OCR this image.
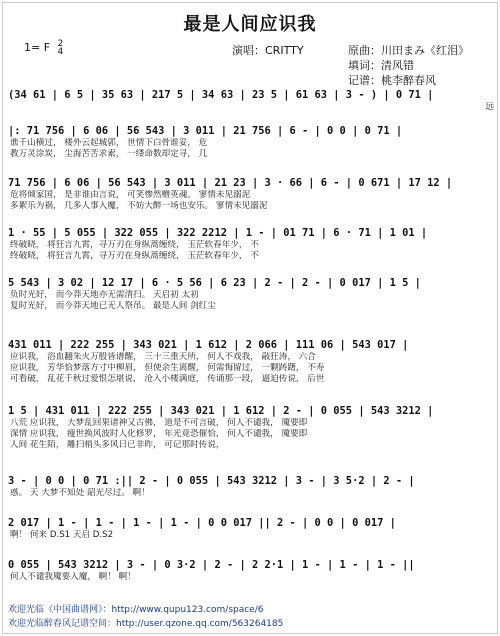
最是人间应识我
1= F 2
4	演唱：CRITTY	原曲：川田まみ《红泪》
填词：清风错
记谱：桃李醉春风
(34 61 | 6 5 | 35 63 | 217 5 | 34 63 | 23 5 | 61 63 | 3 - ) | 0 71 |
远
|: 71 756 | 6 06 | 56 543 | 3 011 | 21 756 | 6 - | 0 0 | 0 71 |
谯千山横过， 楼外云起城郭， 世情下白骨谁妥， 危
教万灵涂炭， 尘海苦苦求索， 一缕命数却定寻， 几
71 756 | 6 06 | 56 543 | 3 011 | 21 23 | 3 · 66 | 6 - | 0 671 | 17 12 |
危将倾家国， 是非谁由言说， 可笑惨然赠英魂。 寥情未见溺泥
多絮乐为祸， 几多人事入魔， 不妨大醉一场也安乐。 寥情未见溺泥
1 · 55 | 5 055 | 322 055 | 322 2212 | 1 - | 01 71 | 6 · 71 | 1 01 |
终破晓， 将狂言九霄，寻万刃在身纵蒿缠绕， 玉茫软春年少， 不
终破晓， 将狂言九霄，寻万刃在身纵蒿缠绕， 玉茫软春年少， 不
5 543 | 3 02 | 12 17 | 6 · 5 56 | 6 23 | 2 - | 2 - | 0 017 | 1 5 |
负时光好， 而今莽天地亦无需清扫。 天启初 太初
复时光好， 而今莽天地已无人祭吊。 最是人间 剑红尘
431 011 | 222 255 | 343 021 | 1 612 | 2 066 | 111 06 | 543 017 |
应识我， 浴血翻朱火万般皆谱醒， 三十三重天所， 何人不戏我， 敲狂涛， 六合
应识我， 芳华恰梦落方寸中柳眉， 但使余生离醒， 何需悔留过， 一颗踌躇， 不寿
可看破， 乱花千秋过爱恨怎堪说， 沧入小楼满庭， 传诵那一段， 逼迫传说， 后世
1 5 | 431 011 | 222 255 | 343 021 | 1 612 | 2 - | 0 055 | 543 3212 |
八荒 应识我， 大梦乱回果诸神又古佛， 道是不可言破， 何人不谴我， 魇要即
深情 应识我， 瘦世换风波时人化修罗， 年光竟恐催恰， 何人不谴我， 魇要即
人间 花生陌， 雕扫梢头多风日已非昨， 可记那时传说，
3 - | 0 0 | 0 71 :|| 2 - | 0 055 | 543 3212 | 3 - | 3 5·2 | 2 - |
惑。 天 大梦不知处 韶光尽过。 啊！
2 017 | 1 - | 1 - | 1 - | 1 - | 0 0 017 || 2 - | 0 0 | 0 017 |
啊！ 何来 D.S1 天启 D.S2
0 055 | 543 3212 | 3 - | 0 3·2 | 2 - | 2 2·1 | 1 - | 1 - | 1 - ||
何人不谴我魇要入魔， 啊！ 啊！
欢迎光临《中国曲谱网》：http://www.qupu123.com/space/6
欢迎光临醉春风记谱空间：http://user.qzone.qq.com/563264185
